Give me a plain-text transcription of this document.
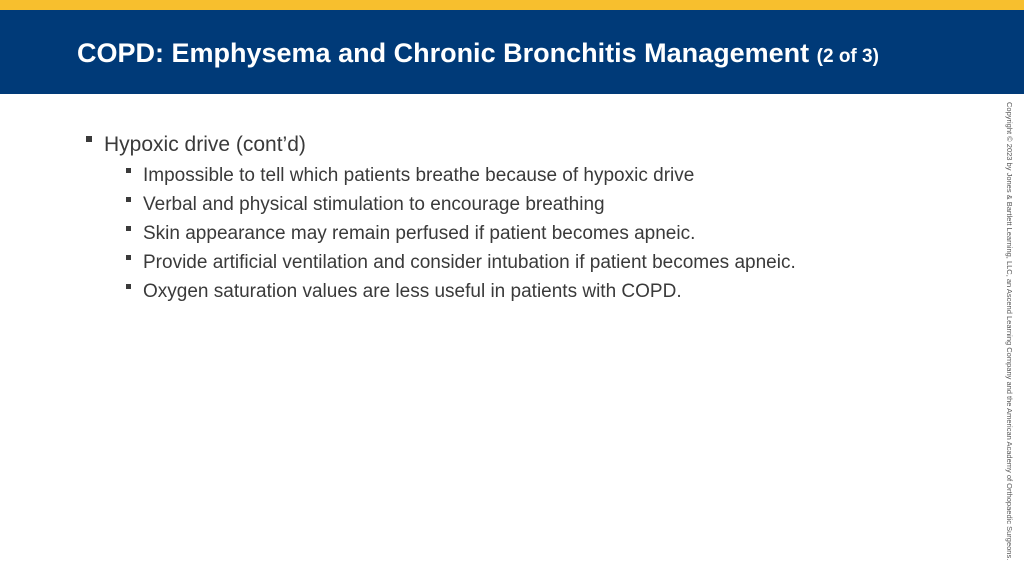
COPD: Emphysema and Chronic Bronchitis Management (2 of 3)
Hypoxic drive (cont’d)
Impossible to tell which patients breathe because of hypoxic drive
Verbal and physical stimulation to encourage breathing
Skin appearance may remain perfused if patient becomes apneic.
Provide artificial ventilation and consider intubation if patient becomes apneic.
Oxygen saturation values are less useful in patients with COPD.	Copyright © 2023 by Jones & Bartlett Learning, LLC, an Ascend Learning Company and the American Academy of Orthopaedic Surgeons.
